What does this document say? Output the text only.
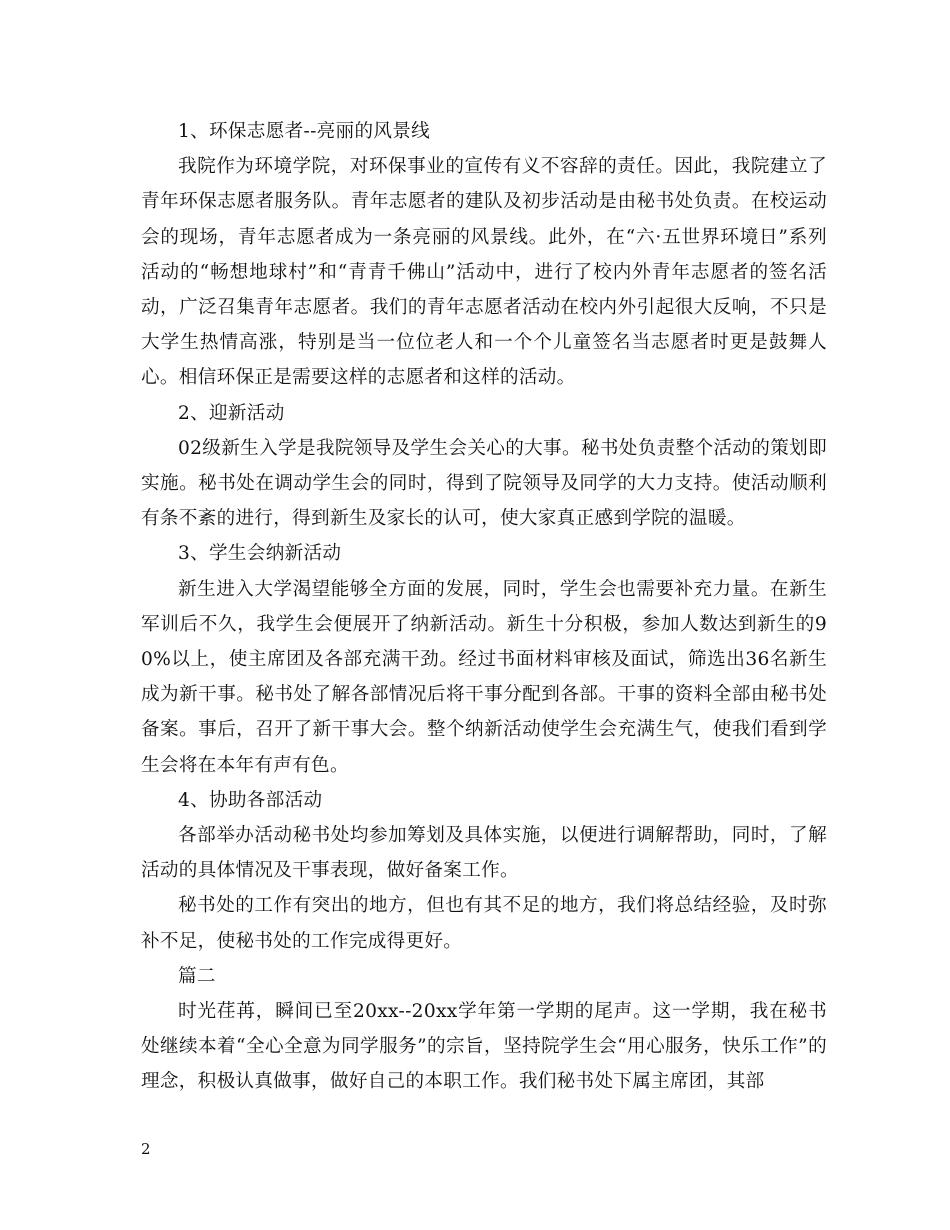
1、环保志愿者--亮丽的风景线

我院作为环境学院，对环保事业的宣传有义不容辞的责任。因此，我院建立了青年环保志愿者服务队。青年志愿者的建队及初步活动是由秘书处负责。在校运动会的现场，青年志愿者成为一条亮丽的风景线。此外，在“六·五世界环境日”系列活动的“畅想地球村”和“青青千佛山”活动中，进行了校内外青年志愿者的签名活动，广泛召集青年志愿者。我们的青年志愿者活动在校内外引起很大反响，不只是大学生热情高涨，特别是当一位位老人和一个个儿童签名当志愿者时更是鼓舞人心。相信环保正是需要这样的志愿者和这样的活动。

2、迎新活动

02级新生入学是我院领导及学生会关心的大事。秘书处负责整个活动的策划即实施。秘书处在调动学生会的同时，得到了院领导及同学的大力支持。使活动顺利有条不紊的进行，得到新生及家长的认可，使大家真正感到学院的温暖。

3、学生会纳新活动

新生进入大学渴望能够全方面的发展，同时，学生会也需要补充力量。在新生军训后不久，我学生会便展开了纳新活动。新生十分积极，参加人数达到新生的90%以上，使主席团及各部充满干劲。经过书面材料审核及面试，筛选出36名新生成为新干事。秘书处了解各部情况后将干事分配到各部。干事的资料全部由秘书处备案。事后，召开了新干事大会。整个纳新活动使学生会充满生气，使我们看到学生会将在本年有声有色。

4、协助各部活动

各部举办活动秘书处均参加筹划及具体实施，以便进行调解帮助，同时，了解活动的具体情况及干事表现，做好备案工作。

秘书处的工作有突出的地方，但也有其不足的地方，我们将总结经验，及时弥补不足，使秘书处的工作完成得更好。

篇二

时光荏苒，瞬间已至20xx--20xx学年第一学期的尾声。这一学期，我在秘书处继续本着“全心全意为同学服务”的宗旨，坚持院学生会“用心服务，快乐工作”的理念，积极认真做事，做好自己的本职工作。我们秘书处下属主席团，其部

2
